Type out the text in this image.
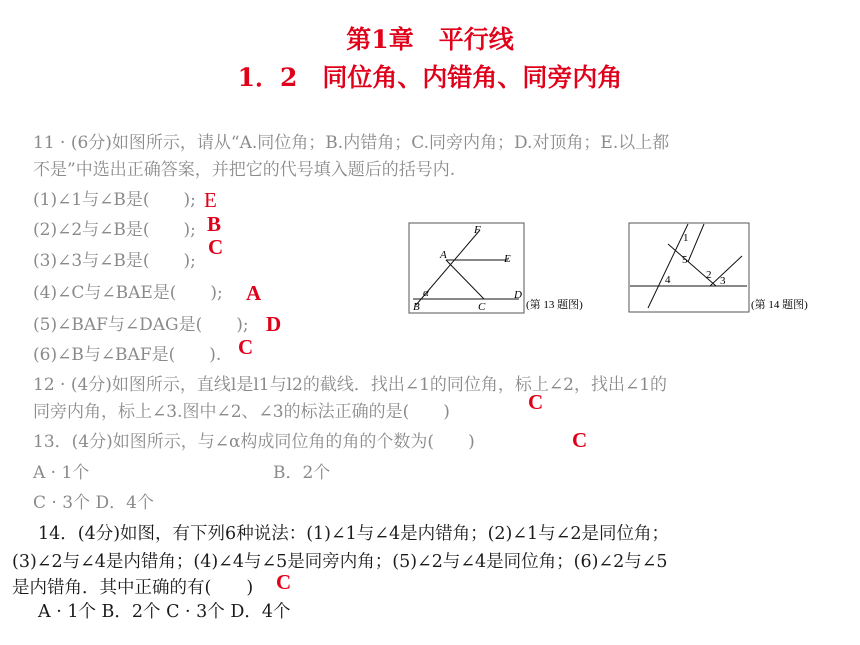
第1章　平行线
1．2　同位角、内错角、同旁内角
11 · (6分)如图所示，请从“A.同位角；B.内错角；C.同旁内角；D.对顶角；E.以上都
不是”中选出正确答案，并把它的代号填入题后的括号内.
(1)∠1与∠B是(　　); E
(2)∠2与∠B是(　　); B
(3)∠3与∠B是(　　);
C
(4)∠C与∠BAE是(　　); A
(5)∠BAF与∠DAG是(　　); D
(6)∠B与∠BAF是(　　). C
12 · (4分)如图所示，直线l是l1与l2的截线．找出∠1的同位角，标上∠2，找出∠1的
同旁内角，标上∠3.图中∠2、∠3的标法正确的是(　　)	C
13．(4分)如图所示，与∠α构成同位角的角的个数为(　　)	C
A · 1个	B．2个
C · 3个 D．4个
14．(4分)如图，有下列6种说法：(1)∠1与∠4是内错角；(2)∠1与∠2是同位角；
(3)∠2与∠4是内错角；(4)∠4与∠5是同旁内角；(5)∠2与∠4是同位角；(6)∠2与∠5
是内错角．其中正确的有(　　) C
A · 1个 B．2个 C · 3个 D．4个
A
B	C
D
E
F
α
(第 13 题图)
1
2 3
4
5
(第 14 题图)
